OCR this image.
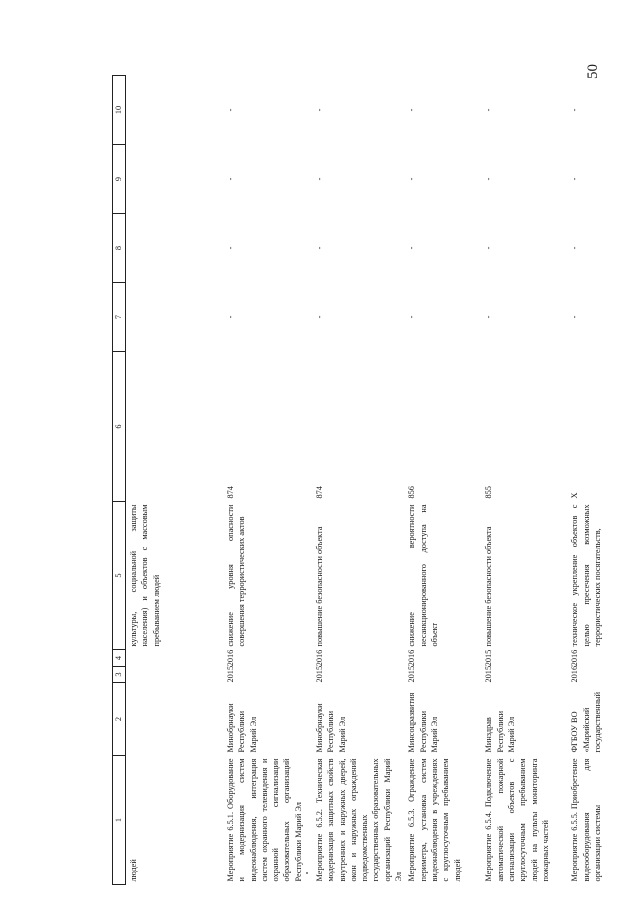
50
1	2	3	4	5	6	7	8	9	10
людей				культуры, социальной защиты населения) и объектов с массовым пребыванием людей					
Мероприятие 6.5.1. Оборудование и модернизация систем видеонаблюдения, интеграция систем охранного телевидения и охранной сигнализации образовательных организаций Республики Марий Эл	Минобрнауки Республики Марий Эл	2015	2016	снижение уровня опасности совершения террористических актов	874	-	-	-	-
Мероприятие 6.5.2. Техническая модернизация защитных свойств внутренних и наружных дверей, окон и наружных ограждений подведомственных государственных образовательных организаций Республики Марий Эл	Минобрнауки Республики Марий Эл	2015	2016	повышение безопасности объекта	874	-	-	-	-
Мероприятие 6.5.3. Ограждение периметра, установка систем видеонаблюдения в учреждениях с круглосуточным пребыванием людей	Минсоцразвития Республики Марий Эл	2015	2016	снижение вероятности несанкционированного доступа на объект	856	-	-	-	-
Мероприятие 6.5.4. Подключение автоматической пожарной сигнализации объектов с круглосуточным пребыванием людей на пульты мониторинга пожарных частей	Минздрав Республики Марий Эл	2015	2015	повышение безопасности объекта	855	-	-	-	-
Мероприятие 6.5.5. Приобретение видеооборудования для организации системы	ФГБОУ ВО «Марийский государственный	2016	2016	техническое укрепление объектов с целью пресечения возможных террористических посягательств,	Х	-	-	-	-
